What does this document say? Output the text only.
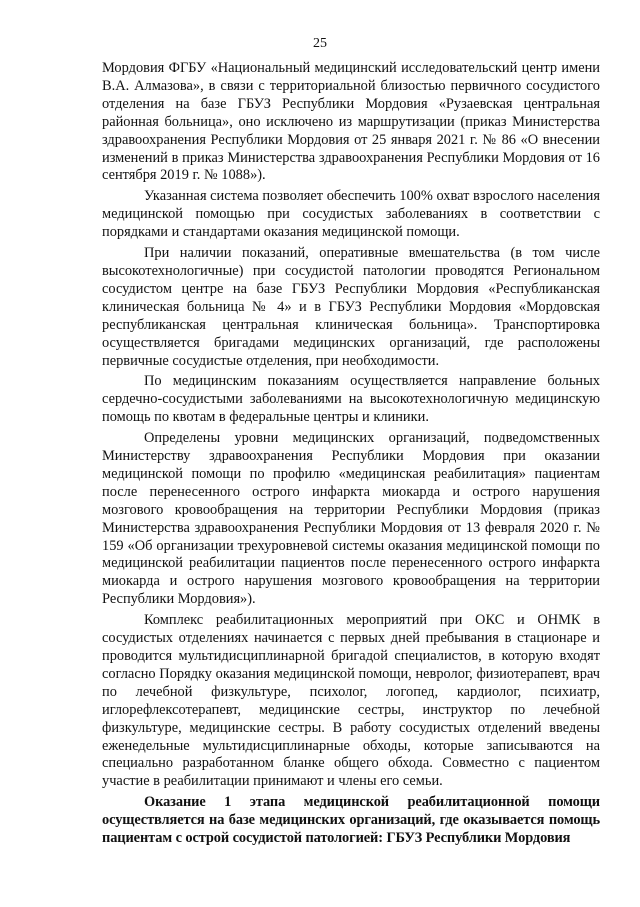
25

Мордовия ФГБУ «Национальный медицинский исследовательский центр имени В.А. Алмазова», в связи с территориальной близостью первичного сосудистого отделения на базе ГБУЗ Республики Мордовия «Рузаевская центральная районная больница», оно исключено из маршрутизации (приказ Министерства здравоохранения Республики Мордовия от 25 января 2021 г. № 86 «О внесении изменений в приказ Министерства здравоохранения Республики Мордовия от 16 сентября 2019 г. № 1088»).

Указанная система позволяет обеспечить 100% охват взрослого населения медицинской помощью при сосудистых заболеваниях в соответствии с порядками и стандартами оказания медицинской помощи.

При наличии показаний, оперативные вмешательства (в том числе высокотехнологичные) при сосудистой патологии проводятся Региональном сосудистом центре на базе ГБУЗ Республики Мордовия «Республиканская клиническая больница № 4» и в ГБУЗ Республики Мордовия «Мордовская республиканская центральная клиническая больница». Транспортировка осуществляется бригадами медицинских организаций, где расположены первичные сосудистые отделения, при необходимости.

По медицинским показаниям осуществляется направление больных сердечно-сосудистыми заболеваниями на высокотехнологичную медицинскую помощь по квотам в федеральные центры и клиники.

Определены уровни медицинских организаций, подведомственных Министерству здравоохранения Республики Мордовия при оказании медицинской помощи по профилю «медицинская реабилитация» пациентам после перенесенного острого инфаркта миокарда и острого нарушения мозгового кровообращения на территории Республики Мордовия (приказ Министерства здравоохранения Республики Мордовия от 13 февраля 2020 г. № 159 «Об организации трехуровневой системы оказания медицинской помощи по медицинской реабилитации пациентов после перенесенного острого инфаркта миокарда и острого нарушения мозгового кровообращения на территории Республики Мордовия»).

Комплекс реабилитационных мероприятий при ОКС и ОНМК в сосудистых отделениях начинается с первых дней пребывания в стационаре и проводится мультидисциплинарной бригадой специалистов, в которую входят согласно Порядку оказания медицинской помощи, невролог, физиотерапевт, врач по лечебной физкультуре, психолог, логопед, кардиолог, психиатр, иглорефлексотерапевт, медицинские сестры, инструктор по лечебной физкультуре, медицинские сестры. В работу сосудистых отделений введены еженедельные мультидисциплинарные обходы, которые записываются на специально разработанном бланке общего обхода. Совместно с пациентом участие в реабилитации принимают и члены его семьи.

Оказание 1 этапа медицинской реабилитационной помощи осуществляется на базе медицинских организаций, где оказывается помощь пациентам с острой сосудистой патологией: ГБУЗ Республики Мордовия
